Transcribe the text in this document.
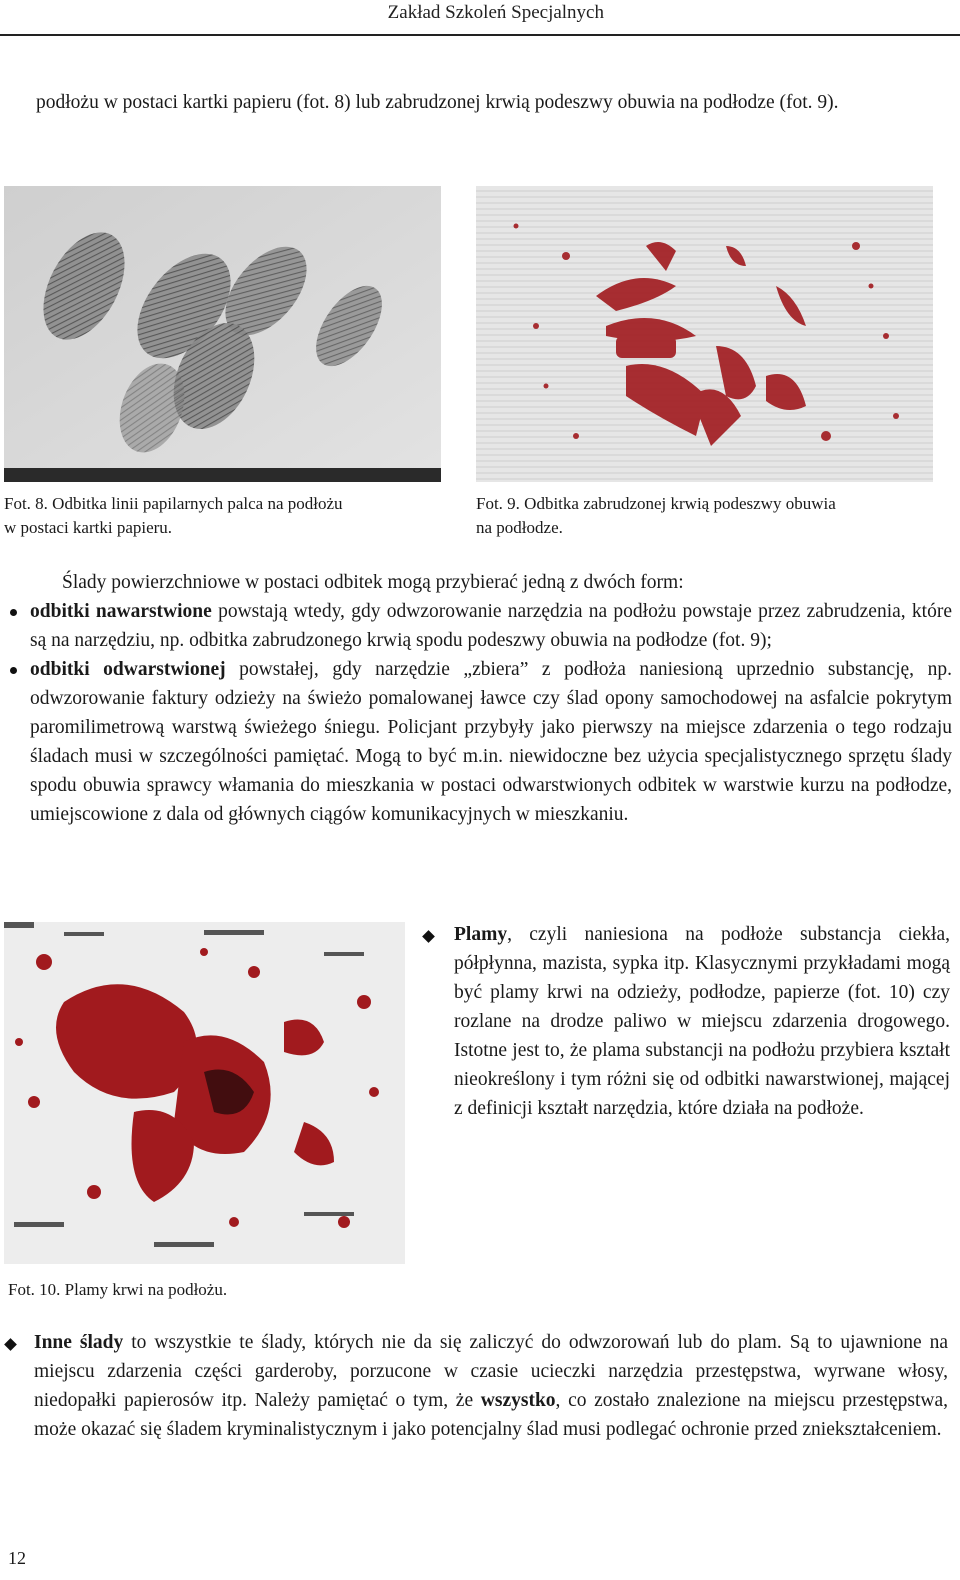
Zakład Szkoleń Specjalnych

podłożu w postaci kartki papieru (fot. 8) lub zabrudzonej krwią podeszwy obuwia na podłodze (fot. 9).

Fot. 8. Odbitka linii papilarnych palca na podłożu
w postaci kartki papieru.
Fot. 9. Odbitka zabrudzonej krwią podeszwy obuwia
na podłodze.

Ślady powierzchniowe w postaci odbitek mogą przybierać jedną z dwóch form:

odbitki nawarstwione powstają wtedy, gdy odwzorowanie narzędzia na podłożu powstaje przez zabrudzenia, które są na narzędziu, np. odbitka zabrudzonego krwią spodu podeszwy obuwia na podłodze (fot. 9);

odbitki odwarstwionej powstałej, gdy narzędzie „zbiera” z podłoża naniesioną uprzednio substancję, np. odwzorowanie faktury odzieży na świeżo pomalowanej ławce czy ślad opony samochodowej na asfalcie pokrytym paromilimetrową warstwą świeżego śniegu. Policjant przybyły jako pierwszy na miejsce zdarzenia o tego rodzaju śladach musi w szczególności pamiętać. Mogą to być m.in. niewidoczne bez użycia specjalistycznego sprzętu ślady spodu obuwia sprawcy włamania do mieszkania w postaci odwarstwionych odbitek w warstwie kurzu na podłodze, umiejscowione z dala od głównych ciągów komunikacyjnych w mieszkaniu.

Fot. 10. Plamy krwi na podłożu.

Plamy, czyli naniesiona na podłoże substancja ciekła, półpłynna, mazista, sypka itp. Klasycznymi przykładami mogą być plamy krwi na odzieży, podłodze, papierze (fot. 10) czy rozlane na drodze paliwo w miejscu zdarzenia drogowego. Istotne jest to, że plama substancji na podłożu przybiera kształt nieokreślony i tym różni się od odbitki nawarstwionej, mającej z definicji kształt narzędzia, które działa na podłoże.

Inne ślady to wszystkie te ślady, których nie da się zaliczyć do odwzorowań lub do plam. Są to ujawnione na miejscu zdarzenia części garderoby, porzucone w czasie ucieczki narzędzia przestępstwa, wyrwane włosy, niedopałki papierosów itp. Należy pamiętać o tym, że wszystko, co zostało znalezione na miejscu przestępstwa, może okazać się śladem kryminalistycznym i jako potencjalny ślad musi podlegać ochronie przed zniekształceniem.

12
